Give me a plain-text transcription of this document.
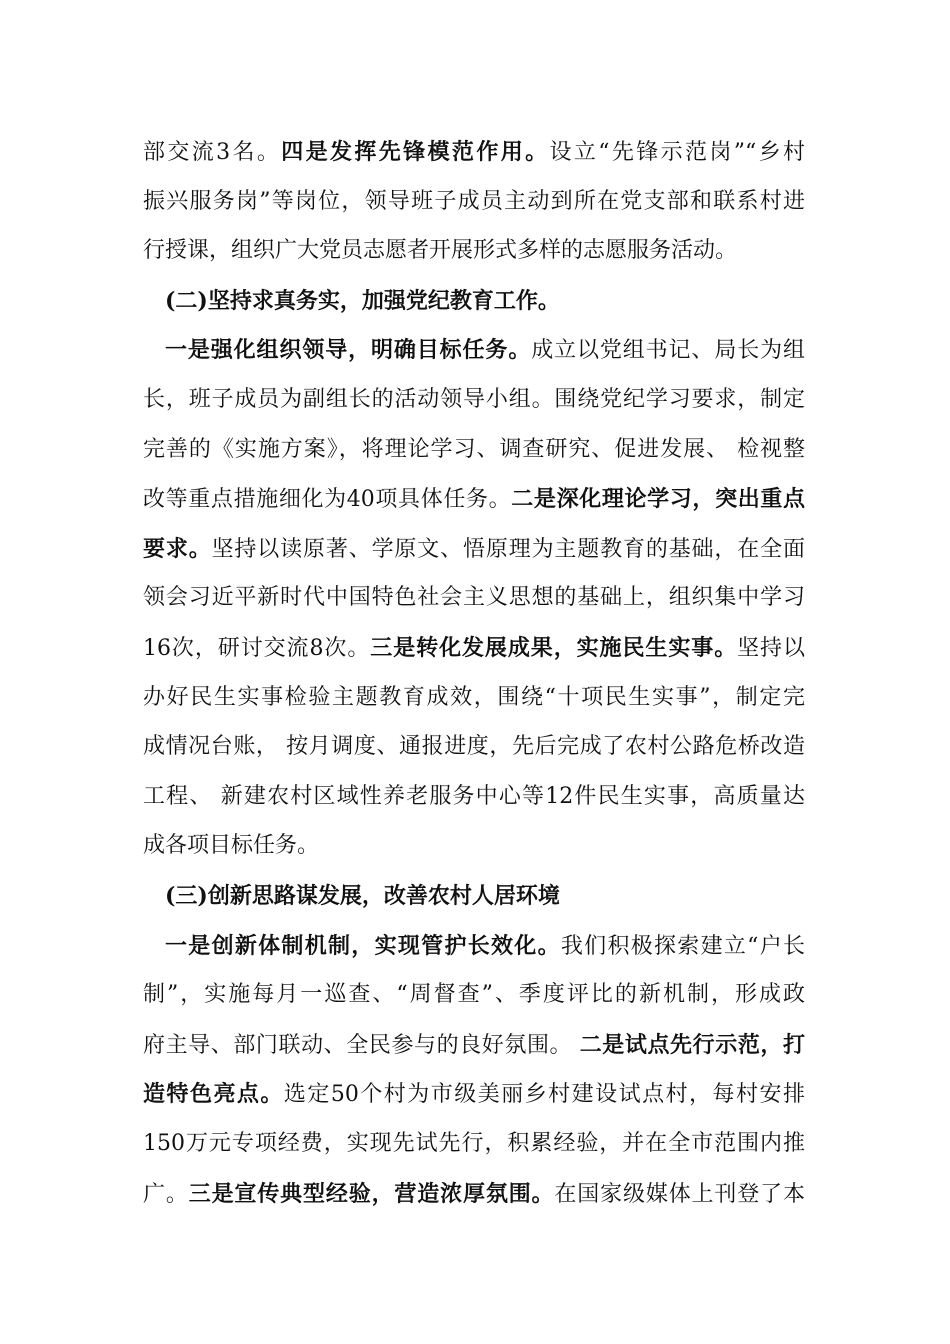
部交流3名。四是发挥先锋模范作用。设立“先锋示范岗”“乡村
振兴服务岗”等岗位，领导班子成员主动到所在党支部和联系村进
行授课，组织广大党员志愿者开展形式多样的志愿服务活动。
(二)坚持求真务实，加强党纪教育工作。
一是强化组织领导，明确目标任务。成立以党组书记、局长为组
长，班子成员为副组长的活动领导小组。围绕党纪学习要求，制定
完善的《实施方案》，将理论学习、调查研究、促进发展、 检视整
改等重点措施细化为40项具体任务。二是深化理论学习，突出重点
要求。坚持以读原著、学原文、悟原理为主题教育的基础，在全面
领会习近平新时代中国特色社会主义思想的基础上，组织集中学习
16次，研讨交流8次。三是转化发展成果，实施民生实事。坚持以
办好民生实事检验主题教育成效，围绕“十项民生实事”，制定完
成情况台账， 按月调度、通报进度，先后完成了农村公路危桥改造
工程、 新建农村区域性养老服务中心等12件民生实事，高质量达
成各项目标任务。
(三)创新思路谋发展，改善农村人居环境
一是创新体制机制，实现管护长效化。我们积极探索建立“户长
制”，实施每月一巡查、“周督查”、季度评比的新机制，形成政
府主导、部门联动、全民参与的良好氛围。 二是试点先行示范，打
造特色亮点。选定50个村为市级美丽乡村建设试点村，每村安排
150万元专项经费，实现先试先行，积累经验，并在全市范围内推
广。三是宣传典型经验，营造浓厚氛围。在国家级媒体上刊登了本
